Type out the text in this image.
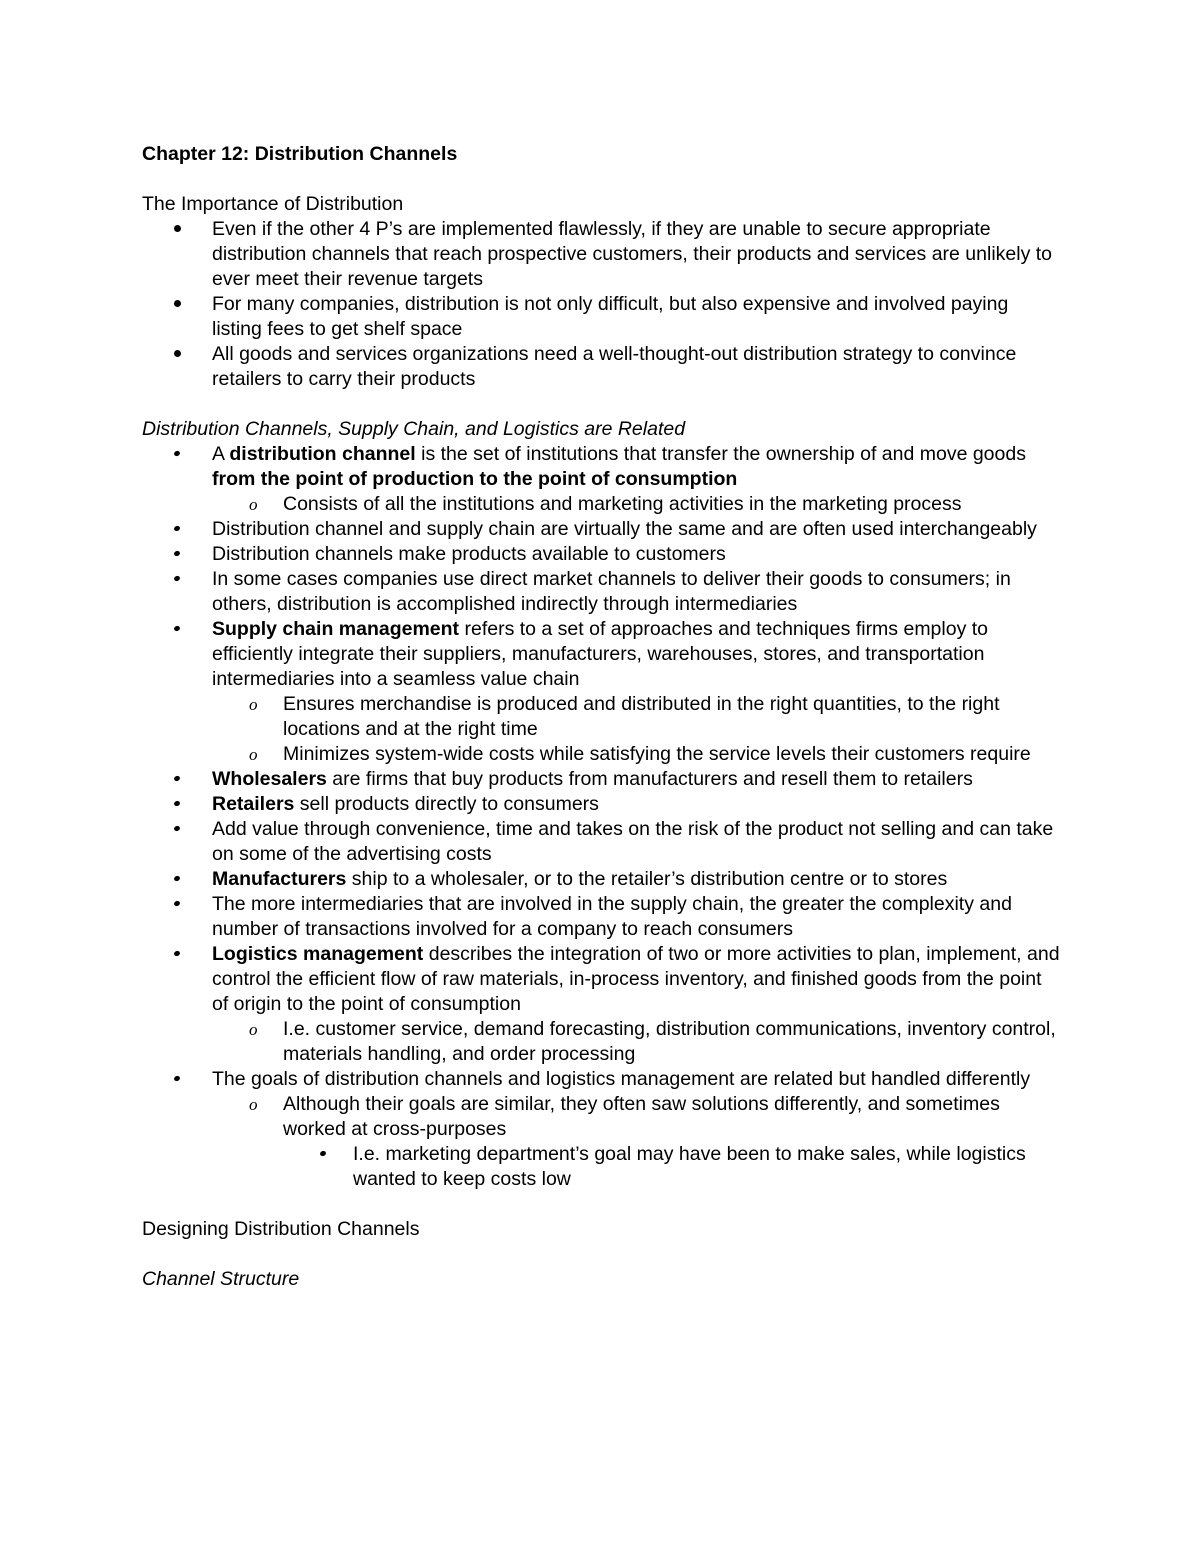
Chapter 12: Distribution Channels

The Importance of Distribution

Even if the other 4 P’s are implemented flawlessly, if they are unable to secure appropriate distribution channels that reach prospective customers, their products and services are unlikely to ever meet their revenue targets
For many companies, distribution is not only difficult, but also expensive and involved paying listing fees to get shelf space
All goods and services organizations need a well-thought-out distribution strategy to convince retailers to carry their products

Distribution Channels, Supply Chain, and Logistics are Related

A distribution channel is the set of institutions that transfer the ownership of and move goods from the point of production to the point of consumption
o Consists of all the institutions and marketing activities in the marketing process
Distribution channel and supply chain are virtually the same and are often used interchangeably
Distribution channels make products available to customers
In some cases companies use direct market channels to deliver their goods to consumers; in others, distribution is accomplished indirectly through intermediaries
Supply chain management refers to a set of approaches and techniques firms employ to efficiently integrate their suppliers, manufacturers, warehouses, stores, and transportation intermediaries into a seamless value chain
o Ensures merchandise is produced and distributed in the right quantities, to the right locations and at the right time
o Minimizes system-wide costs while satisfying the service levels their customers require
Wholesalers are firms that buy products from manufacturers and resell them to retailers
Retailers sell products directly to consumers
Add value through convenience, time and takes on the risk of the product not selling and can take on some of the advertising costs
Manufacturers ship to a wholesaler, or to the retailer’s distribution centre or to stores
The more intermediaries that are involved in the supply chain, the greater the complexity and number of transactions involved for a company to reach consumers
Logistics management describes the integration of two or more activities to plan, implement, and control the efficient flow of raw materials, in-process inventory, and finished goods from the point of origin to the point of consumption
o I.e. customer service, demand forecasting, distribution communications, inventory control, materials handling, and order processing
The goals of distribution channels and logistics management are related but handled differently
o Although their goals are similar, they often saw solutions differently, and sometimes worked at cross-purposes
I.e. marketing department’s goal may have been to make sales, while logistics wanted to keep costs low

Designing Distribution Channels

Channel Structure
